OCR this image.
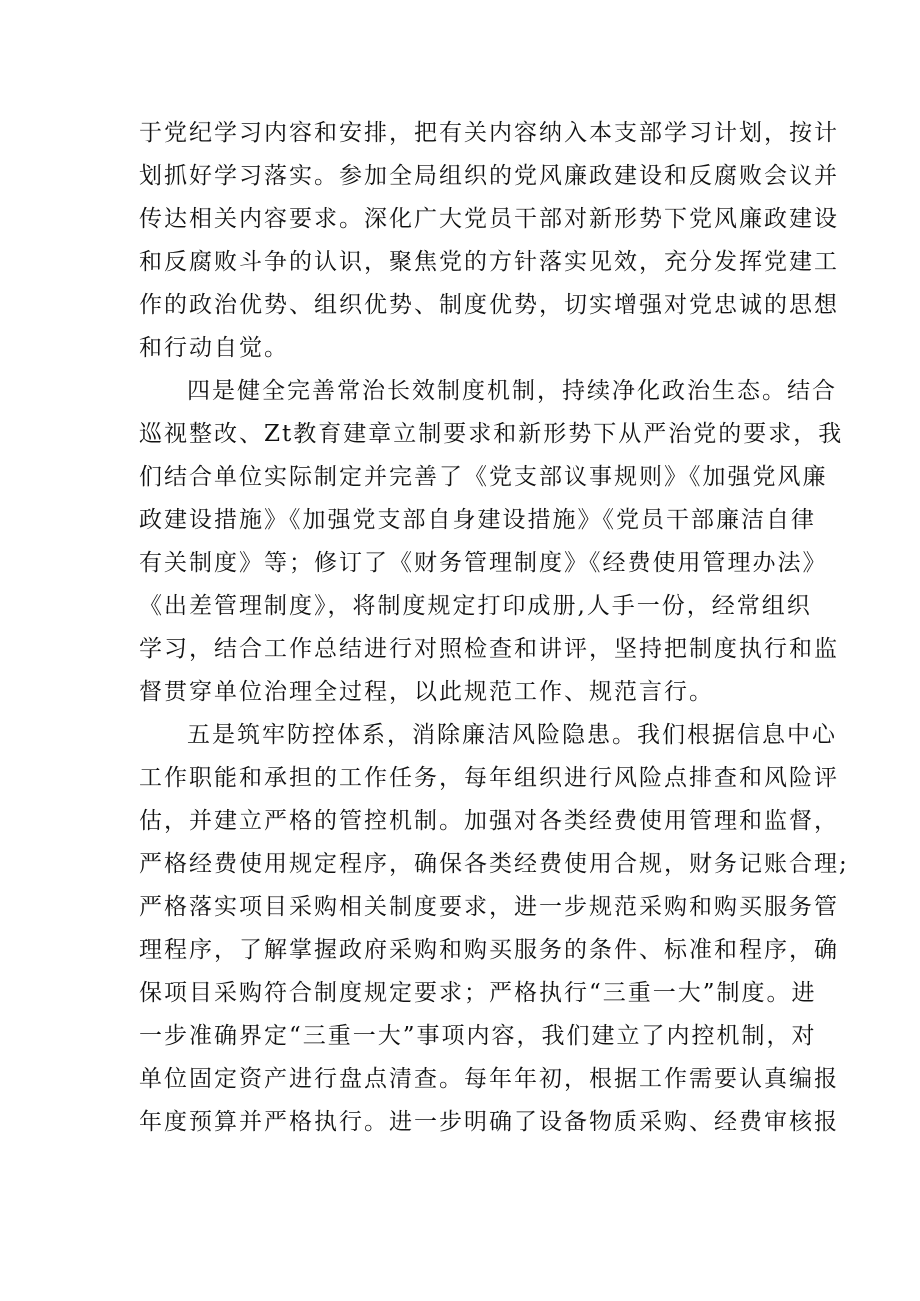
于党纪学习内容和安排，把有关内容纳入本支部学习计划，按计
划抓好学习落实。参加全局组织的党风廉政建设和反腐败会议并
传达相关内容要求。深化广大党员干部对新形势下党风廉政建设
和反腐败斗争的认识，聚焦党的方针落实见效，充分发挥党建工
作的政治优势、组织优势、制度优势，切实增强对党忠诚的思想
和行动自觉。
四是健全完善常治长效制度机制，持续净化政治生态。结合
巡视整改、Zt教育建章立制要求和新形势下从严治党的要求，我
们结合单位实际制定并完善了《党支部议事规则》《加强党风廉
政建设措施》《加强党支部自身建设措施》《党员干部廉洁自律
有关制度》等；修订了《财务管理制度》《经费使用管理办法》
《出差管理制度》，将制度规定打印成册,人手一份，经常组织
学习，结合工作总结进行对照检查和讲评，坚持把制度执行和监
督贯穿单位治理全过程，以此规范工作、规范言行。
五是筑牢防控体系，消除廉洁风险隐患。我们根据信息中心
工作职能和承担的工作任务，每年组织进行风险点排查和风险评
估，并建立严格的管控机制。加强对各类经费使用管理和监督，
严格经费使用规定程序，确保各类经费使用合规，财务记账合理;
严格落实项目采购相关制度要求，进一步规范采购和购买服务管
理程序，了解掌握政府采购和购买服务的条件、标准和程序，确
保项目采购符合制度规定要求；严格执行“三重一大”制度。进
一步准确界定“三重一大”事项内容，我们建立了内控机制，对
单位固定资产进行盘点清查。每年年初，根据工作需要认真编报
年度预算并严格执行。进一步明确了设备物质采购、经费审核报
